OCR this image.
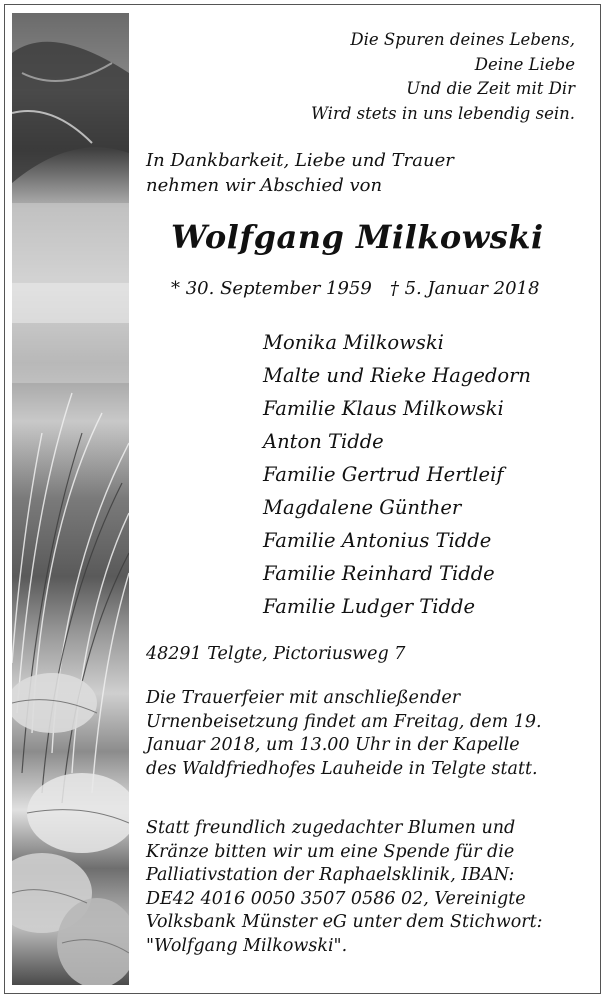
Die Spuren deines Lebens,
Deine Liebe
Und die Zeit mit Dir
Wird stets in uns lebendig sein.

In Dankbarkeit, Liebe und Trauer
nehmen wir Abschied von

Wolfgang Milkowski

* 30. September 1959 † 5. Januar 2018

Monika Milkowski
Malte und Rieke Hagedorn
Familie Klaus Milkowski
Anton Tidde
Familie Gertrud Hertleif
Magdalene Günther
Familie Antonius Tidde
Familie Reinhard Tidde
Familie Ludger Tidde

48291 Telgte, Pictoriusweg 7

Die Trauerfeier mit anschließender
Urnenbeisetzung findet am Freitag, dem 19.
Januar 2018, um 13.00 Uhr in der Kapelle
des Waldfriedhofes Lauheide in Telgte statt.

Statt freundlich zugedachter Blumen und
Kränze bitten wir um eine Spende für die
Palliativstation der Raphaelsklinik, IBAN:
DE42 4016 0050 3507 0586 02, Vereinigte
Volksbank Münster eG unter dem Stichwort:
"Wolfgang Milkowski".
